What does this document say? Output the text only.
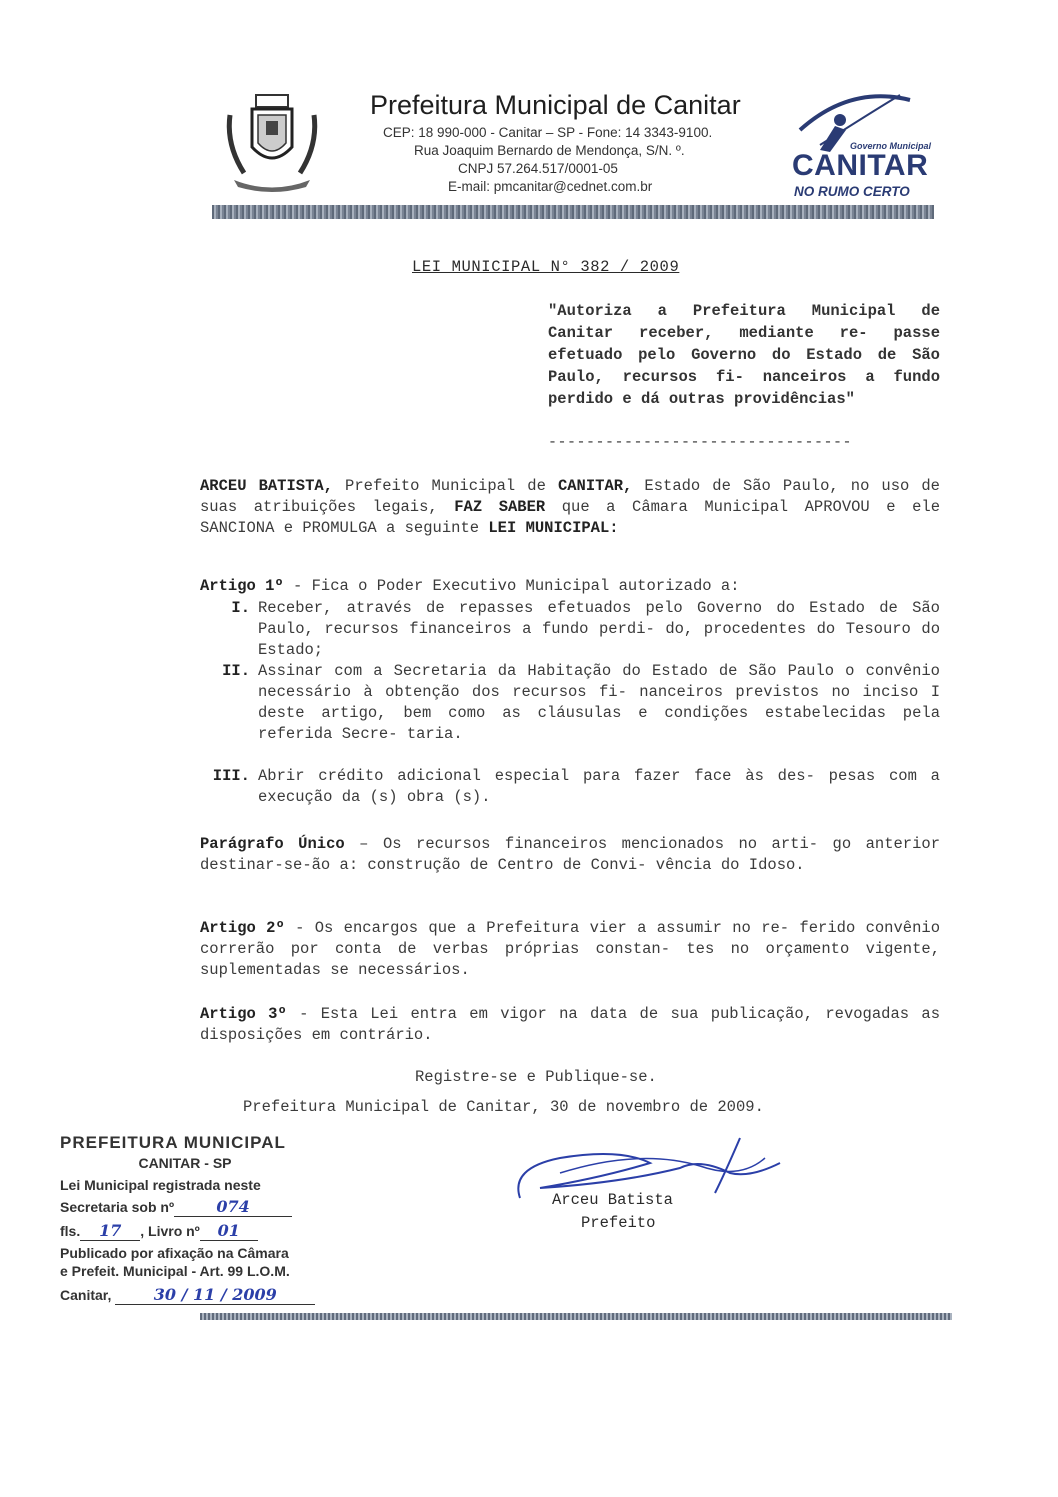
Prefeitura Municipal de Canitar
CEP: 18 990-000 - Canitar – SP - Fone: 14 3343-9100.
Rua Joaquim Bernardo de Mendonça, S/N. º.
CNPJ 57.264.517/0001-05
E-mail: pmcanitar@cednet.com.br
Governo Municipal
CANITAR
NO RUMO CERTO
LEI MUNICIPAL N° 382 / 2009
"Autoriza a Prefeitura Municipal de Canitar receber, mediante re- passe efetuado pelo Governo do Estado de São Paulo, recursos fi- nanceiros a fundo perdido e dá outras providências"
--------------------------------
ARCEU BATISTA, Prefeito Municipal de CANITAR, Estado de São Paulo, no uso de suas atribuições legais, FAZ SABER que a Câmara Municipal APROVOU e ele SANCIONA e PROMULGA a seguinte LEI MUNICIPAL:
Artigo 1º - Fica o Poder Executivo Municipal autorizado a:
I. Receber, através de repasses efetuados pelo Governo do Estado de São Paulo, recursos financeiros a fundo perdi- do, procedentes do Tesouro do Estado;
II. Assinar com a Secretaria da Habitação do Estado de São Paulo o convênio necessário à obtenção dos recursos fi- nanceiros previstos no inciso I deste artigo, bem como as cláusulas e condições estabelecidas pela referida Secre- taria.
III. Abrir crédito adicional especial para fazer face às des- pesas com a execução da (s) obra (s).
Parágrafo Único – Os recursos financeiros mencionados no arti- go anterior destinar-se-ão a: construção de Centro de Convi- vência do Idoso.
Artigo 2º - Os encargos que a Prefeitura vier a assumir no re- ferido convênio correrão por conta de verbas próprias constan- tes no orçamento vigente, suplementadas se necessários.
Artigo 3º - Esta Lei entra em vigor na data de sua publicação, revogadas as disposições em contrário.
Registre-se e Publique-se.
Prefeitura Municipal de Canitar, 30 de novembro de 2009.
Arceu Batista
Prefeito
PREFEITURA MUNICIPAL
CANITAR - SP
Lei Municipal registrada neste
Secretaria sob nº	074
fls. 17 , Livro nº 01
Publicado por afixação na Câmara
e Prefeit. Municipal - Art. 99 L.O.M.
Canitar,	30 / 11 / 2009
